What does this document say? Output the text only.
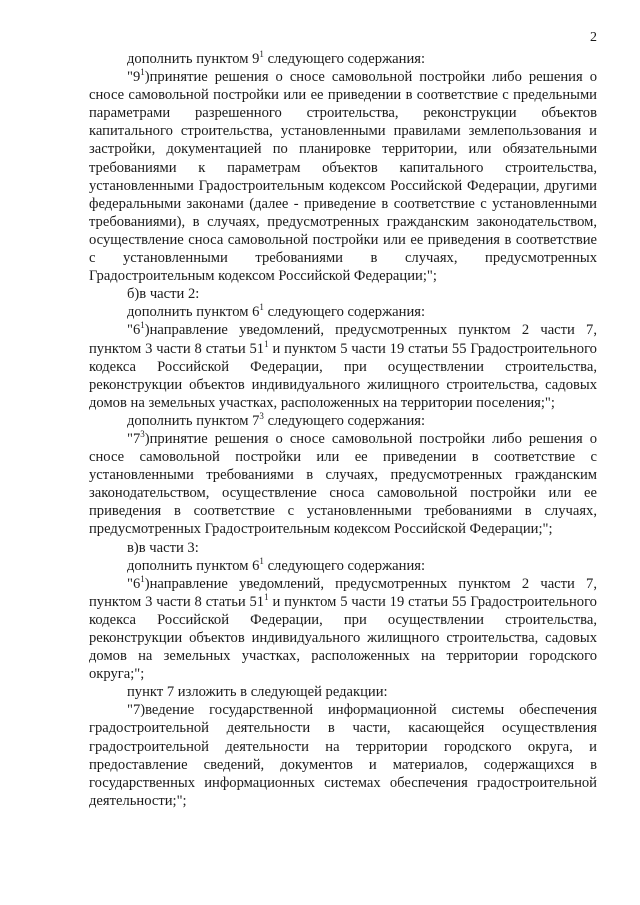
2

дополнить пунктом $9^1$ следующего содержания:

"$9^1)принятие$ решения о сносе самовольной постройки либо решения о сносе самовольной постройки или ее приведении в соответствие с предельными параметрами разрешенного строительства, реконструкции объектов капитального строительства, установленными правилами землепользования и застройки, документацией по планировке территории, или обязательными требованиями к параметрам объектов капитального строительства, установленными Градостроительным кодексом Российской Федерации, другими федеральными законами (далее - приведение в соответствие с установленными требованиями), в случаях, предусмотренных гражданским законодательством, осуществление сноса самовольной постройки или ее приведения в соответствие с установленными требованиями в случаях, предусмотренных Градостроительным кодексом Российской Федерации;";

б)в части 2:

дополнить пунктом $6^1$ следующего содержания:

"$6^1)направление$ уведомлений, предусмотренных пунктом 2 части 7, пунктом 3 части 8 статьи $51^1$ и пунктом 5 части 19 статьи 55 Градостроительного кодекса Российской Федерации, при осуществлении строительства, реконструкции объектов индивидуального жилищного строительства, садовых домов на земельных участках, расположенных на территории поселения;";

дополнить пунктом $7^3$ следующего содержания:

"$7^3)принятие$ решения о сносе самовольной постройки либо решения о сносе самовольной постройки или ее приведении в соответствие с установленными требованиями в случаях, предусмотренных гражданским законодательством, осуществление сноса самовольной постройки или ее приведения в соответствие с установленными требованиями в случаях, предусмотренных Градостроительным кодексом Российской Федерации;";

в)в части 3:

дополнить пунктом $6^1$ следующего содержания:

"$6^1)направление$ уведомлений, предусмотренных пунктом 2 части 7, пунктом 3 части 8 статьи $51^1$ и пунктом 5 части 19 статьи 55 Градостроительного кодекса Российской Федерации, при осуществлении строительства, реконструкции объектов индивидуального жилищного строительства, садовых домов на земельных участках, расположенных на территории городского округа;";

пункт 7 изложить в следующей редакции:

"7)ведение государственной информационной системы обеспечения градостроительной деятельности в части, касающейся осуществления градостроительной деятельности на территории городского округа, и предоставление сведений, документов и материалов, содержащихся в государственных информационных системах обеспечения градостроительной деятельности;";
